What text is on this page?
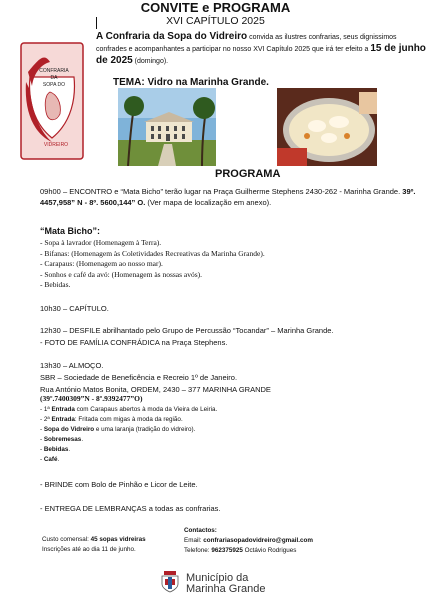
CONVITE e PROGRAMA
XVI CAPÍTULO 2025
CONFRARIA
DA
SOPA DO
VIDREIRO
A Confraria da Sopa do Vidreiro convida as ilustres confrarias, seus dignissimos confrades e acompanhantes a participar no nosso XVI Capítulo 2025 que irá ter efeito a 15 de junho de 2025 (domingo).
TEMA: Vidro na Marinha Grande.
PROGRAMA
09h00 – ENCONTRO e “Mata Bicho” terão lugar na Praça Guilherme Stephens 2430-262 - Marinha Grande. 39º. 4457,958” N - 8º. 5600,144” O. (Ver mapa de localização em anexo).
“Mata Bicho”:
- Sopa à lavrador (Homenagem à Terra).
- Bifanas: (Homenagem às Coletividades Recreativas da Marinha Grande).
- Carapaus: (Homenagem ao nosso mar).
- Sonhos e café da avó: (Homenagem às nossas avós).
- Bebidas.
10h30 – CAPÍTULO.
12h30 – DESFILE abrilhantado pelo Grupo de Percussão “Tocandar” – Marinha Grande.
- FOTO DE FAMÍLIA CONFRÁDICA na Praça Stephens.
13h30 – ALMOÇO.
SBR – Sociedade de Beneficência e Recreio 1º de Janeiro.
Rua António Matos Bonita, ORDEM, 2430 – 377 MARINHA GRANDE
(39º.7400309”N - 8º.9392477”O)
- 1ª Entrada com Carapaus abertos à moda da Vieira de Leiria.
- 2ª Entrada: Fritada com migas à moda da região.
- Sopa do Vidreiro e uma laranja (tradição do vidreiro).
- Sobremesas.
- Bebidas.
- Café.
- BRINDE com Bolo de Pinhão e Licor de Leite.
- ENTREGA DE LEMBRANÇAS a todas as confrarias.
Custo comensal: 45 sopas vidreiras
Inscrições até ao dia 11 de junho.
Contactos:
Email: confrariasopadovidreiro@gmail.com
Telefone: 962375925 Octávio Rodrigues
Município da
Marinha Grande
